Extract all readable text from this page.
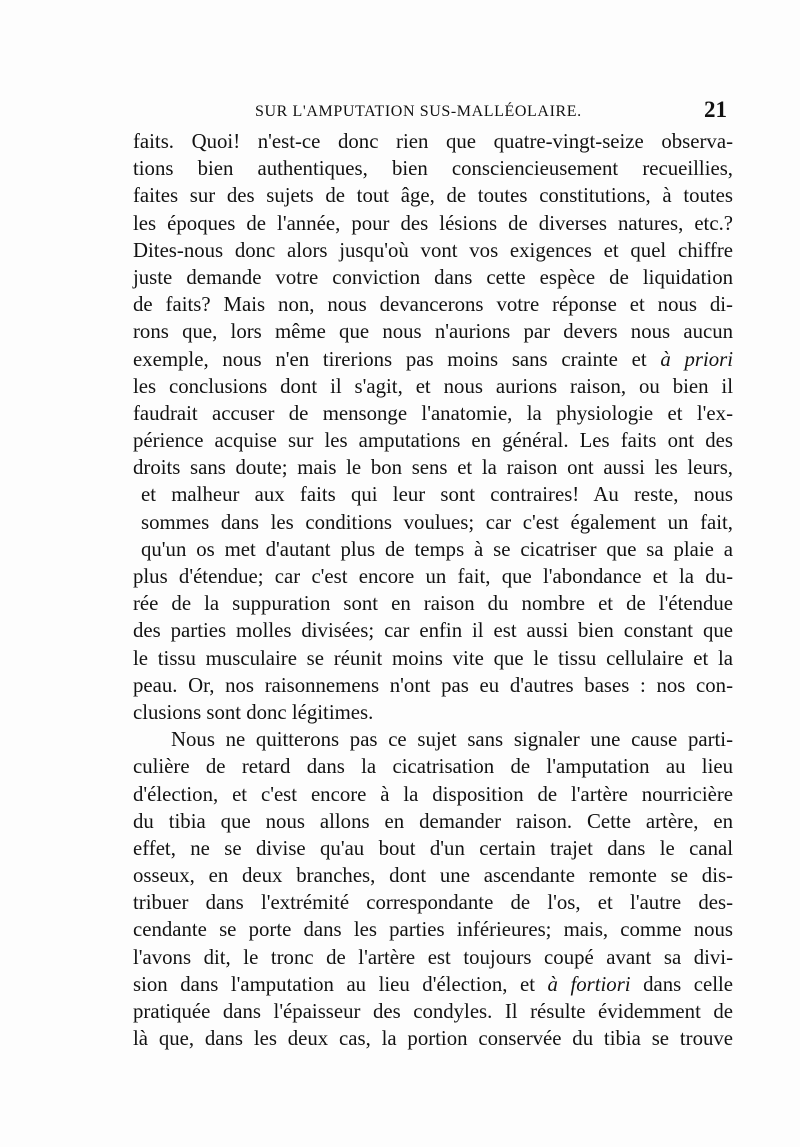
SUR L'AMPUTATION SUS-MALLÉOLAIRE.	21
faits. Quoi! n'est-ce donc rien que quatre-vingt-seize observa-
tions bien authentiques, bien consciencieusement recueillies,
faites sur des sujets de tout âge, de toutes constitutions, à toutes
les époques de l'année, pour des lésions de diverses natures, etc.?
Dites-nous donc alors jusqu'où vont vos exigences et quel chiffre
juste demande votre conviction dans cette espèce de liquidation
de faits? Mais non, nous devancerons votre réponse et nous di-
rons que, lors même que nous n'aurions par devers nous aucun
exemple, nous n'en tirerions pas moins sans crainte et à priori
les conclusions dont il s'agit, et nous aurions raison, ou bien il
faudrait accuser de mensonge l'anatomie, la physiologie et l'ex-
périence acquise sur les amputations en général. Les faits ont des
droits sans doute; mais le bon sens et la raison ont aussi les leurs,
et malheur aux faits qui leur sont contraires! Au reste, nous
sommes dans les conditions voulues; car c'est également un fait,
qu'un os met d'autant plus de temps à se cicatriser que sa plaie a
plus d'étendue; car c'est encore un fait, que l'abondance et la du-
rée de la suppuration sont en raison du nombre et de l'étendue
des parties molles divisées; car enfin il est aussi bien constant que
le tissu musculaire se réunit moins vite que le tissu cellulaire et la
peau. Or, nos raisonnemens n'ont pas eu d'autres bases : nos con-
clusions sont donc légitimes.
Nous ne quitterons pas ce sujet sans signaler une cause parti-
culière de retard dans la cicatrisation de l'amputation au lieu
d'élection, et c'est encore à la disposition de l'artère nourricière
du tibia que nous allons en demander raison. Cette artère, en
effet, ne se divise qu'au bout d'un certain trajet dans le canal
osseux, en deux branches, dont une ascendante remonte se dis-
tribuer dans l'extrémité correspondante de l'os, et l'autre des-
cendante se porte dans les parties inférieures; mais, comme nous
l'avons dit, le tronc de l'artère est toujours coupé avant sa divi-
sion dans l'amputation au lieu d'élection, et à fortiori dans celle
pratiquée dans l'épaisseur des condyles. Il résulte évidemment de
là que, dans les deux cas, la portion conservée du tibia se trouve
